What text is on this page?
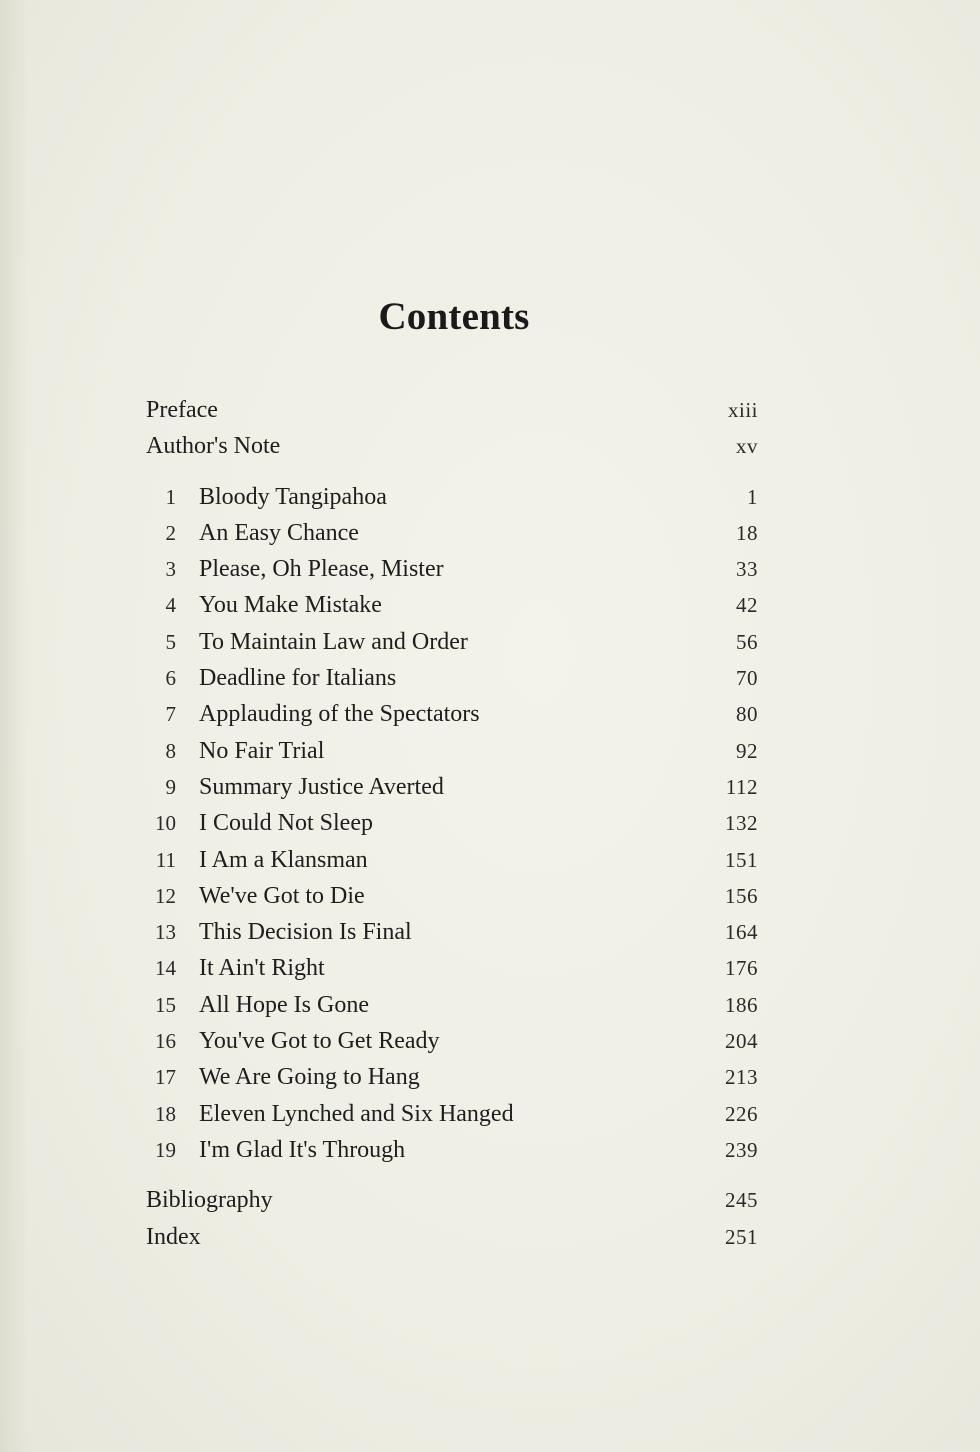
Contents
Preface	xiii
Author's Note	xv
1 Bloody Tangipahoa	1
2 An Easy Chance	18
3 Please, Oh Please, Mister	33
4 You Make Mistake	42
5 To Maintain Law and Order	56
6 Deadline for Italians	70
7 Applauding of the Spectators	80
8 No Fair Trial	92
9 Summary Justice Averted	112
10 I Could Not Sleep	132
11 I Am a Klansman	151
12 We've Got to Die	156
13 This Decision Is Final	164
14 It Ain't Right	176
15 All Hope Is Gone	186
16 You've Got to Get Ready	204
17 We Are Going to Hang	213
18 Eleven Lynched and Six Hanged	226
19 I'm Glad It's Through	239
Bibliography	245
Index	251
